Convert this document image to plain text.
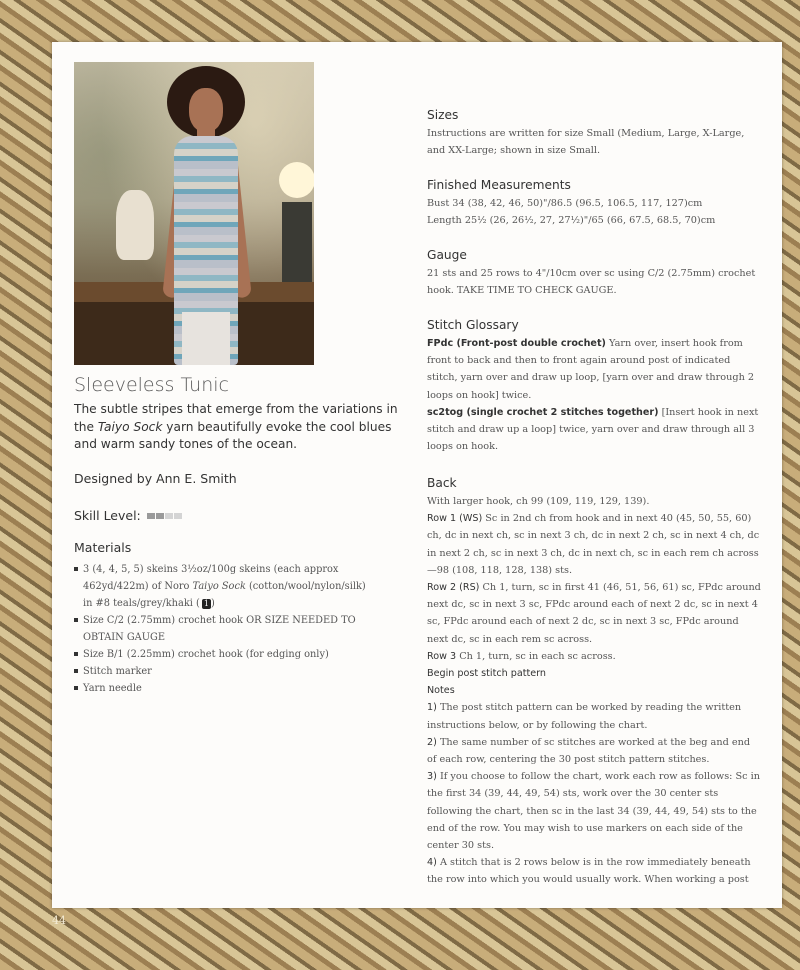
Sleeveless Tunic

The subtle stripes that emerge from the variations in the Taiyo Sock yarn beautifully evoke the cool blues and warm sandy tones of the ocean.

Designed by Ann E. Smith

Skill Level:

Materials
3 (4, 4, 5, 5) skeins 3½oz/100g skeins (each approx 462yd/422m) of Noro Taiyo Sock (cotton/wool/nylon/silk) in #8 teals/grey/khaki ( 1 )
Size C/2 (2.75mm) crochet hook OR SIZE NEEDED TO OBTAIN GAUGE
Size B/1 (2.25mm) crochet hook (for edging only)
Stitch marker
Yarn needle
Sizes

Instructions are written for size Small (Medium, Large, X-Large, and XX-Large; shown in size Small.

Finished Measurements

Bust 34 (38, 42, 46, 50)"/86.5 (96.5, 106.5, 117, 127)cm

Length 25½ (26, 26½, 27, 27½)"/65 (66, 67.5, 68.5, 70)cm

Gauge

21 sts and 25 rows to 4"/10cm over sc using C/2 (2.75mm) crochet hook. TAKE TIME TO CHECK GAUGE.

Stitch Glossary

FPdc (Front-post double crochet) Yarn over, insert hook from front to back and then to front again around post of indicated stitch, yarn over and draw up loop, [yarn over and draw through 2 loops on hook] twice.

sc2tog (single crochet 2 stitches together) [Insert hook in next stitch and draw up a loop] twice, yarn over and draw through all 3 loops on hook.

Back

With larger hook, ch 99 (109, 119, 129, 139).

Row 1 (WS) Sc in 2nd ch from hook and in next 40 (45, 50, 55, 60) ch, dc in next ch, sc in next 3 ch, dc in next 2 ch, sc in next 4 ch, dc in next 2 ch, sc in next 3 ch, dc in next ch, sc in each rem ch across—98 (108, 118, 128, 138) sts.

Row 2 (RS) Ch 1, turn, sc in first 41 (46, 51, 56, 61) sc, FPdc around next dc, sc in next 3 sc, FPdc around each of next 2 dc, sc in next 4 sc, FPdc around each of next 2 dc, sc in next 3 sc, FPdc around next dc, sc in each rem sc across.

Row 3 Ch 1, turn, sc in each sc across.

Begin post stitch pattern

Notes

1) The post stitch pattern can be worked by reading the written instructions below, or by following the chart.

2) The same number of sc stitches are worked at the beg and end of each row, centering the 30 post stitch pattern stitches.

3) If you choose to follow the chart, work each row as follows: Sc in the first 34 (39, 44, 49, 54) sts, work over the 30 center sts following the chart, then sc in the last 34 (39, 44, 49, 54) sts to the end of the row. You may wish to use markers on each side of the center 30 sts.

4) A stitch that is 2 rows below is in the row immediately beneath the row into which you would usually work. When working a post

44
